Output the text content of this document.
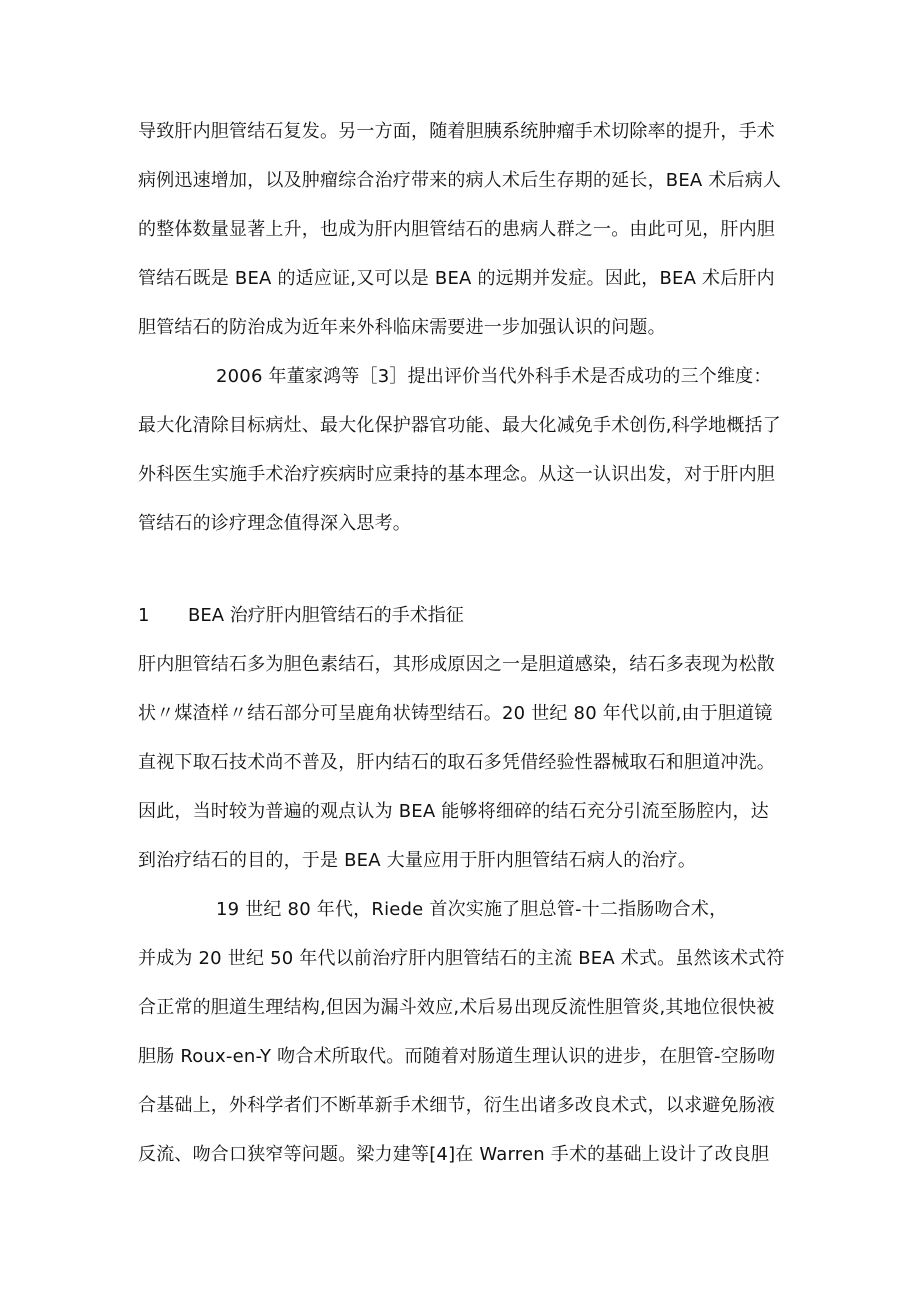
导致肝内胆管结石复发。另一方面，随着胆胰系统肿瘤手术切除率的提升，手术
病例迅速增加，以及肿瘤综合治疗带来的病人术后生存期的延长，BEA 术后病人
的整体数量显著上升，也成为肝内胆管结石的患病人群之一。由此可见，肝内胆
管结石既是 BEA 的适应证,又可以是 BEA 的远期并发症。因此，BEA 术后肝内
胆管结石的防治成为近年来外科临床需要进一步加强认识的问题。
2006 年董家鸿等［3］提出评价当代外科手术是否成功的三个维度：
最大化清除目标病灶、最大化保护器官功能、最大化减免手术创伤,科学地概括了
外科医生实施手术治疗疾病时应秉持的基本理念。从这一认识出发，对于肝内胆
管结石的诊疗理念值得深入思考。
1 BEA 治疗肝内胆管结石的手术指征
肝内胆管结石多为胆色素结石，其形成原因之一是胆道感染，结石多表现为松散
状〃煤渣样〃结石部分可呈鹿角状铸型结石。20 世纪 80 年代以前,由于胆道镜
直视下取石技术尚不普及，肝内结石的取石多凭借经验性器械取石和胆道冲洗。
因此，当时较为普遍的观点认为 BEA 能够将细碎的结石充分引流至肠腔内，达
到治疗结石的目的，于是 BEA 大量应用于肝内胆管结石病人的治疗。
19 世纪 80 年代，Riede 首次实施了胆总管-十二指肠吻合术，
并成为 20 世纪 50 年代以前治疗肝内胆管结石的主流 BEA 术式。虽然该术式符
合正常的胆道生理结构,但因为漏斗效应,术后易出现反流性胆管炎,其地位很快被
胆肠 Roux-en-Y 吻合术所取代。而随着对肠道生理认识的进步，在胆管-空肠吻
合基础上，外科学者们不断革新手术细节，衍生出诸多改良术式，以求避免肠液
反流、吻合口狭窄等问题。梁力建等[4]在 Warren 手术的基础上设计了改良胆
